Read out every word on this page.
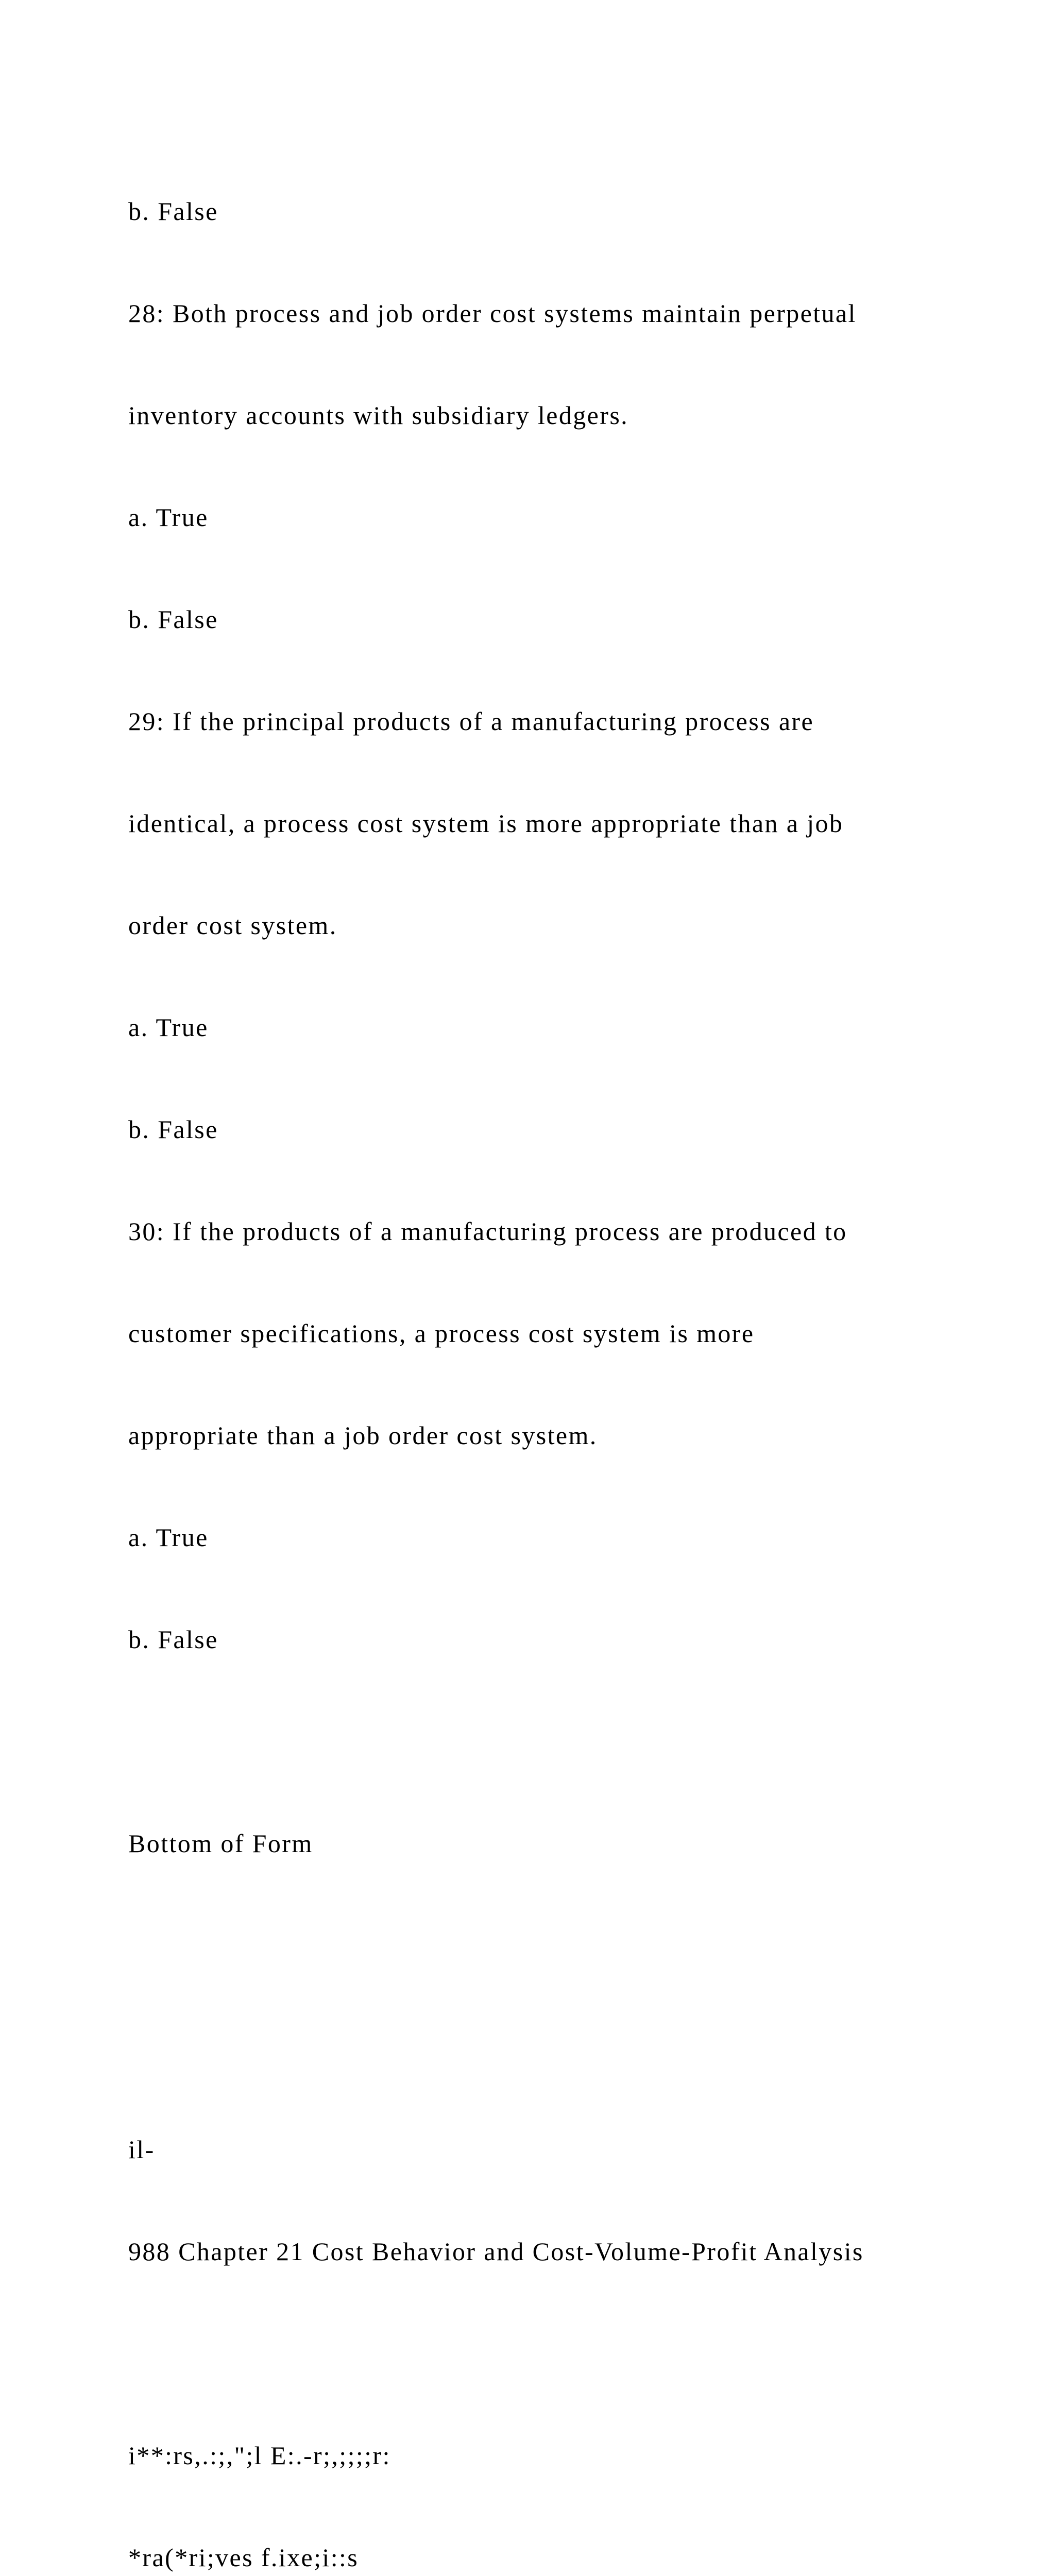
b. False

28: Both process and job order cost systems maintain perpetual

inventory accounts with subsidiary ledgers.

a. True

b. False

29: If the principal products of a manufacturing process are

identical, a process cost system is more appropriate than a job

order cost system.

a. True

b. False

30: If the products of a manufacturing process are produced to

customer specifications, a process cost system is more

appropriate than a job order cost system.

a. True

b. False

Bottom of Form

il-

988 Chapter 21 Cost Behavior and Cost-Volume-Profit Analysis

i**:rs,.:;,";l E:.-r;,;;;;r:

*ra(*ri;ves f.ixe;i::s
